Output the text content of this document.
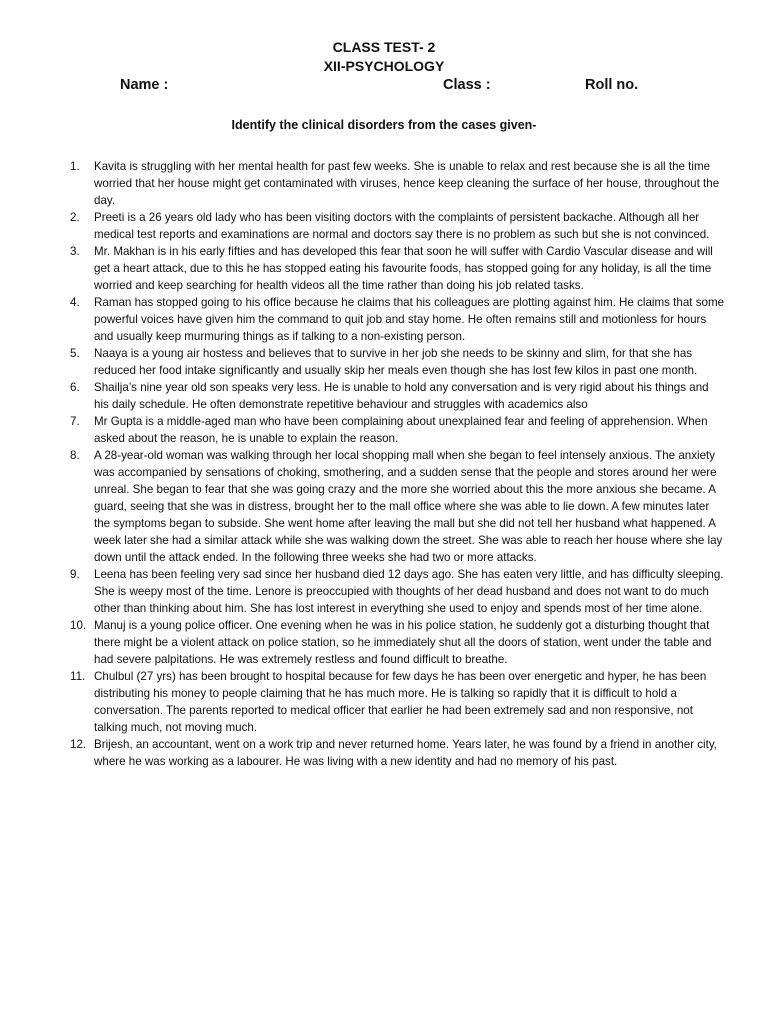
CLASS TEST- 2
XII-PSYCHOLOGY
Name :	Class :	Roll no.
Identify the clinical disorders from the cases given-
1. Kavita is struggling with her mental health for past few weeks. She is unable to relax and rest because she is all the time worried that her house might get contaminated with viruses, hence keep cleaning the surface of her house, throughout the day.
2. Preeti is a 26 years old lady who has been visiting doctors with the complaints of persistent backache. Although all her medical test reports and examinations are normal and doctors say there is no problem as such but she is not convinced.
3. Mr. Makhan is in his early fifties and has developed this fear that soon he will suffer with Cardio Vascular disease and will get a heart attack, due to this he has stopped eating his favourite foods, has stopped going for any holiday, is all the time worried and keep searching for health videos all the time rather than doing his job related tasks.
4. Raman has stopped going to his office because he claims that his colleagues are plotting against him. He claims that some powerful voices have given him the command to quit job and stay home. He often remains still and motionless for hours and usually keep murmuring things as if talking to a non-existing person.
5. Naaya is a young air hostess and believes that to survive in her job she needs to be skinny and slim, for that she has reduced her food intake significantly and usually skip her meals even though she has lost few kilos in past one month.
6. Shailja’s nine year old son speaks very less. He is unable to hold any conversation and is very rigid about his things and his daily schedule. He often demonstrate repetitive behaviour and struggles with academics also
7. Mr Gupta is a middle-aged man who have been complaining about unexplained fear and feeling of apprehension. When asked about the reason, he is unable to explain the reason.
8. A 28-year-old woman was walking through her local shopping mall when she began to feel intensely anxious. The anxiety was accompanied by sensations of choking, smothering, and a sudden sense that the people and stores around her were unreal. She began to fear that she was going crazy and the more she worried about this the more anxious she became. A guard, seeing that she was in distress, brought her to the mall office where she was able to lie down. A few minutes later the symptoms began to subside. She went home after leaving the mall but she did not tell her husband what happened. A week later she had a similar attack while she was walking down the street. She was able to reach her house where she lay down until the attack ended. In the following three weeks she had two or more attacks.
9. Leena has been feeling very sad since her husband died 12 days ago. She has eaten very little, and has difficulty sleeping. She is weepy most of the time. Lenore is preoccupied with thoughts of her dead husband and does not want to do much other than thinking about him. She has lost interest in everything she used to enjoy and spends most of her time alone.
10. Manuj is a young police officer. One evening when he was in his police station, he suddenly got a disturbing thought that there might be a violent attack on police station, so he immediately shut all the doors of station, went under the table and had severe palpitations. He was extremely restless and found difficult to breathe.
11. Chulbul (27 yrs) has been brought to hospital because for few days he has been over energetic and hyper, he has been distributing his money to people claiming that he has much more. He is talking so rapidly that it is difficult to hold a conversation. The parents reported to medical officer that earlier he had been extremely sad and non responsive, not talking much, not moving much.
12. Brijesh, an accountant, went on a work trip and never returned home. Years later, he was found by a friend in another city, where he was working as a labourer. He was living with a new identity and had no memory of his past.
